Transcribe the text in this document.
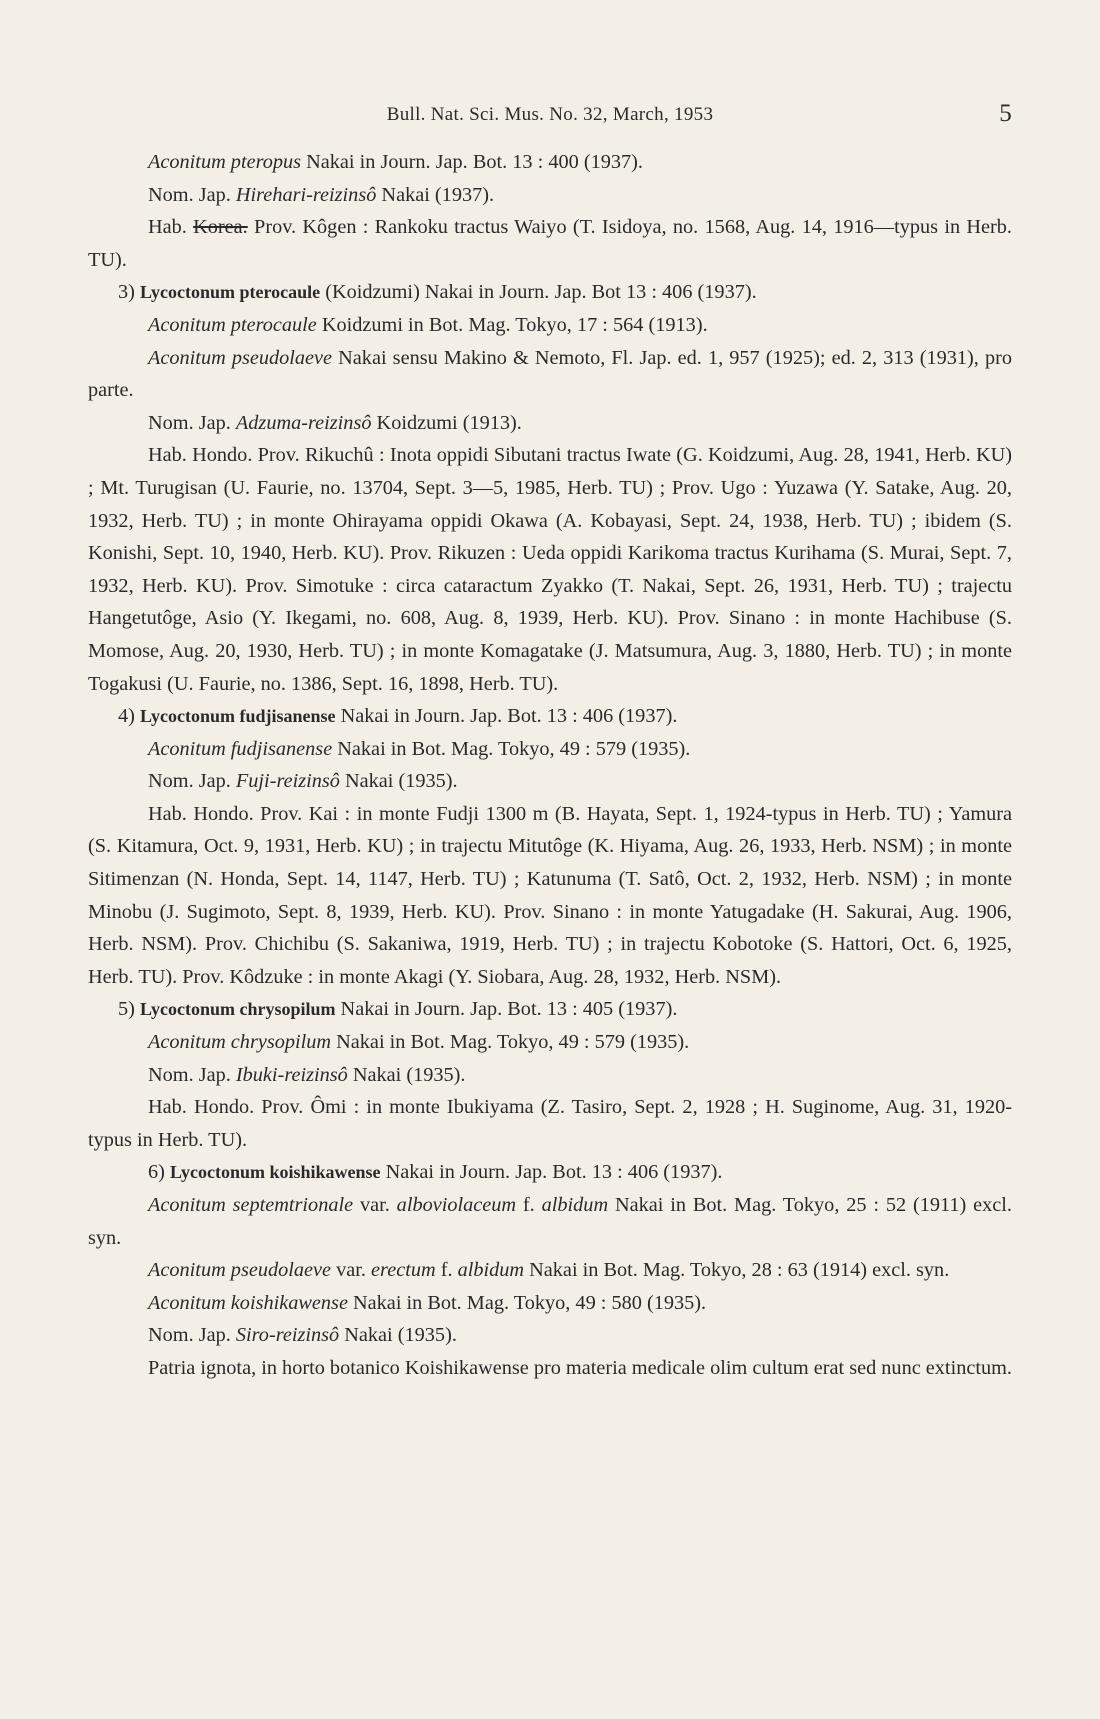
Bull. Nat. Sci. Mus. No. 32, March, 1953	5

Aconitum pteropus Nakai in Journ. Jap. Bot. 13 : 400 (1937).

Nom. Jap. Hirehari-reizinsô Nakai (1937).

Hab. Korea. Prov. Kôgen : Rankoku tractus Waiyo (T. Isidoya, no. 1568, Aug. 14, 1916—typus in Herb. TU).

3) Lycoctonum pterocaule (Koidzumi) Nakai in Journ. Jap. Bot 13 : 406 (1937).

Aconitum pterocaule Koidzumi in Bot. Mag. Tokyo, 17 : 564 (1913).

Aconitum pseudolaeve Nakai sensu Makino & Nemoto, Fl. Jap. ed. 1, 957 (1925); ed. 2, 313 (1931), pro parte.

Nom. Jap. Adzuma-reizinsô Koidzumi (1913).

Hab. Hondo. Prov. Rikuchû : Inota oppidi Sibutani tractus Iwate (G. Koidzumi, Aug. 28, 1941, Herb. KU) ; Mt. Turugisan (U. Faurie, no. 13704, Sept. 3—5, 1985, Herb. TU) ; Prov. Ugo : Yuzawa (Y. Satake, Aug. 20, 1932, Herb. TU) ; in monte Ohirayama oppidi Okawa (A. Kobayasi, Sept. 24, 1938, Herb. TU) ; ibidem (S. Konishi, Sept. 10, 1940, Herb. KU). Prov. Rikuzen : Ueda oppidi Karikoma tractus Kurihama (S. Murai, Sept. 7, 1932, Herb. KU). Prov. Simotuke : circa cataractum Zyakko (T. Nakai, Sept. 26, 1931, Herb. TU) ; trajectu Hangetutôge, Asio (Y. Ikegami, no. 608, Aug. 8, 1939, Herb. KU). Prov. Sinano : in monte Hachibuse (S. Momose, Aug. 20, 1930, Herb. TU) ; in monte Komagatake (J. Matsumura, Aug. 3, 1880, Herb. TU) ; in monte Togakusi (U. Faurie, no. 1386, Sept. 16, 1898, Herb. TU).

4) Lycoctonum fudjisanense Nakai in Journ. Jap. Bot. 13 : 406 (1937).

Aconitum fudjisanense Nakai in Bot. Mag. Tokyo, 49 : 579 (1935).

Nom. Jap. Fuji-reizinsô Nakai (1935).

Hab. Hondo. Prov. Kai : in monte Fudji 1300 m (B. Hayata, Sept. 1, 1924-typus in Herb. TU) ; Yamura (S. Kitamura, Oct. 9, 1931, Herb. KU) ; in trajectu Mitutôge (K. Hiyama, Aug. 26, 1933, Herb. NSM) ; in monte Sitimenzan (N. Honda, Sept. 14, 1147, Herb. TU) ; Katunuma (T. Satô, Oct. 2, 1932, Herb. NSM) ; in monte Minobu (J. Sugimoto, Sept. 8, 1939, Herb. KU). Prov. Sinano : in monte Yatugadake (H. Sakurai, Aug. 1906, Herb. NSM). Prov. Chichibu (S. Sakaniwa, 1919, Herb. TU) ; in trajectu Kobotoke (S. Hattori, Oct. 6, 1925, Herb. TU). Prov. Kôdzuke : in monte Akagi (Y. Siobara, Aug. 28, 1932, Herb. NSM).

5) Lycoctonum chrysopilum Nakai in Journ. Jap. Bot. 13 : 405 (1937).

Aconitum chrysopilum Nakai in Bot. Mag. Tokyo, 49 : 579 (1935).

Nom. Jap. Ibuki-reizinsô Nakai (1935).

Hab. Hondo. Prov. Ômi : in monte Ibukiyama (Z. Tasiro, Sept. 2, 1928 ; H. Suginome, Aug. 31, 1920-typus in Herb. TU).

6) Lycoctonum koishikawense Nakai in Journ. Jap. Bot. 13 : 406 (1937).

Aconitum septemtrionale var. alboviolaceum f. albidum Nakai in Bot. Mag. Tokyo, 25 : 52 (1911) excl. syn.

Aconitum pseudolaeve var. erectum f. albidum Nakai in Bot. Mag. Tokyo, 28 : 63 (1914) excl. syn.

Aconitum koishikawense Nakai in Bot. Mag. Tokyo, 49 : 580 (1935).

Nom. Jap. Siro-reizinsô Nakai (1935).

Patria ignota, in horto botanico Koishikawense pro materia medicale olim cultum erat sed nunc extinctum.
